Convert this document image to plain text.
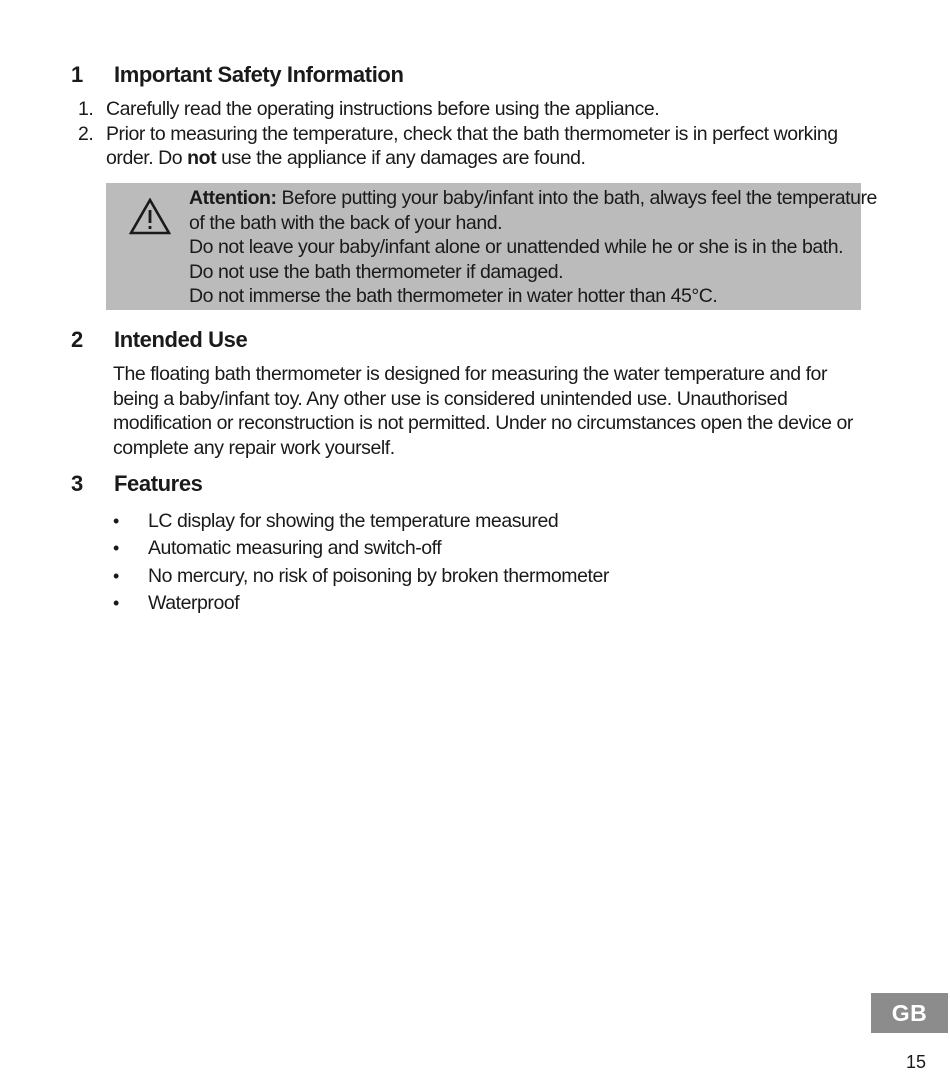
1	Important Safety Information
1. Carefully read the operating instructions before using the appliance.
2. Prior to measuring the temperature, check that the bath thermometer is in perfect working order. Do not use the appliance if any damages are found.
Attention: Before putting your baby/infant into the bath, always feel the temperature
of the bath with the back of your hand.
Do not leave your baby/infant alone or unattended while he or she is in the bath.
Do not use the bath thermometer if damaged.
Do not immerse the bath thermometer in water hotter than 45°C.
2	Intended Use

The floating bath thermometer is designed for measuring the water temperature and for being a baby/infant toy. Any other use is considered unintended use. Unauthorised modification or reconstruction is not permitted. Under no circumstances open the device or complete any repair work yourself.

3	Features
•	LC display for showing the temperature measured
•	Automatic measuring and switch-off
•	No mercury, no risk of poisoning by broken thermometer
•	Waterproof
GB
15
